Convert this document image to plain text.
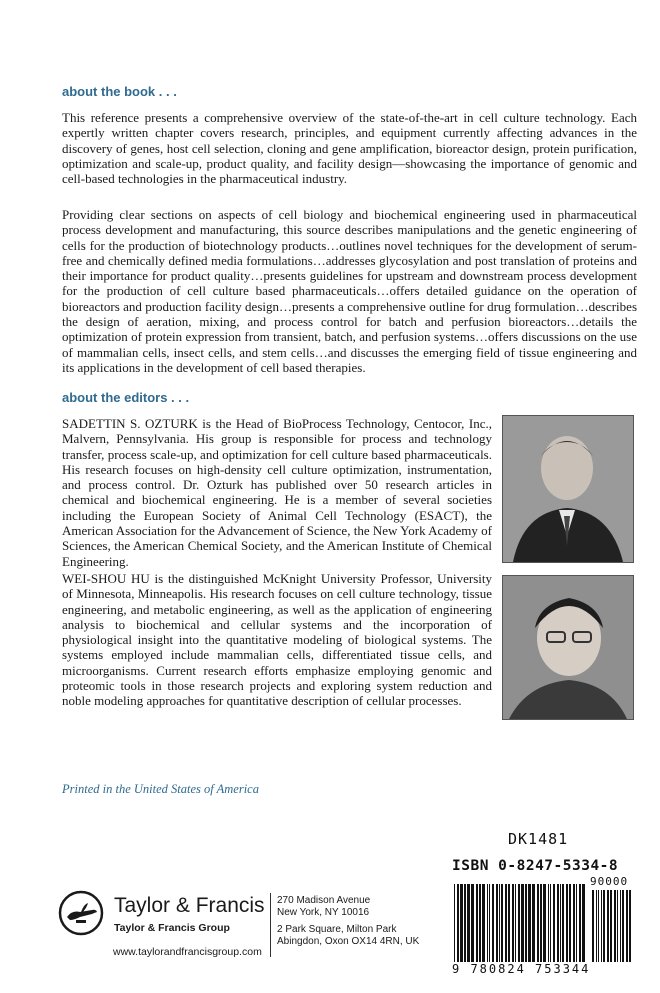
about the book . . .

This reference presents a comprehensive overview of the state-of-the-art in cell culture technology. Each expertly written chapter covers research, principles, and equipment currently affecting advances in the discovery of genes, host cell selection, cloning and gene amplification, bioreactor design, protein purification, optimization and scale-up, product quality, and facility design—showcasing the importance of genomic and cell-based technologies in the pharmaceutical industry.

Providing clear sections on aspects of cell biology and biochemical engineering used in pharmaceutical process development and manufacturing, this source describes manipulations and the genetic engineering of cells for the production of biotechnology products…outlines novel techniques for the development of serum-free and chemically defined media formulations…addresses glycosylation and post translation of proteins and their importance for product quality…presents guidelines for upstream and downstream process development for the production of cell culture based pharmaceuticals…offers detailed guidance on the operation of bioreactors and production facility design…presents a comprehensive outline for drug formulation…describes the design of aeration, mixing, and process control for batch and perfusion bioreactors…details the optimization of protein expression from transient, batch, and perfusion systems…offers discussions on the use of mammalian cells, insect cells, and stem cells…and discusses the emerging field of tissue engineering and its applications in the development of cell based therapies.

about the editors . . .

SADETTIN S. OZTURK is the Head of BioProcess Technology, Centocor, Inc., Malvern, Pennsylvania. His group is responsible for process and technology transfer, process scale-up, and optimization for cell culture based pharmaceuticals. His research focuses on high-density cell culture optimization, instrumentation, and process control. Dr. Ozturk has published over 50 research articles in chemical and biochemical engineering. He is a member of several societies including the European Society of Animal Cell Technology (ESACT), the American Association for the Advancement of Science, the New York Academy of Sciences, the American Chemical Society, and the American Institute of Chemical Engineering.

WEI-SHOU HU is the distinguished McKnight University Professor, University of Minnesota, Minneapolis. His research focuses on cell culture technology, tissue engineering, and metabolic engineering, as well as the application of engineering analysis to biochemical and cellular systems and the incorporation of physiological insight into the quantitative modeling of biological systems. The systems employed include mammalian cells, differentiated tissue cells, and microorganisms. Current research efforts emphasize employing genomic and proteomic tools in those research projects and exploring system reduction and noble modeling approaches for quantitative description of cellular processes.

Printed in the United States of America

DK1481
ISBN 0-8247-5334-8
90000
9 780824 753344
Taylor & Francis
Taylor & Francis Group
www.taylorandfrancisgroup.com
270 Madison Avenue
New York, NY 10016
2 Park Square, Milton Park
Abingdon, Oxon OX14 4RN, UK
